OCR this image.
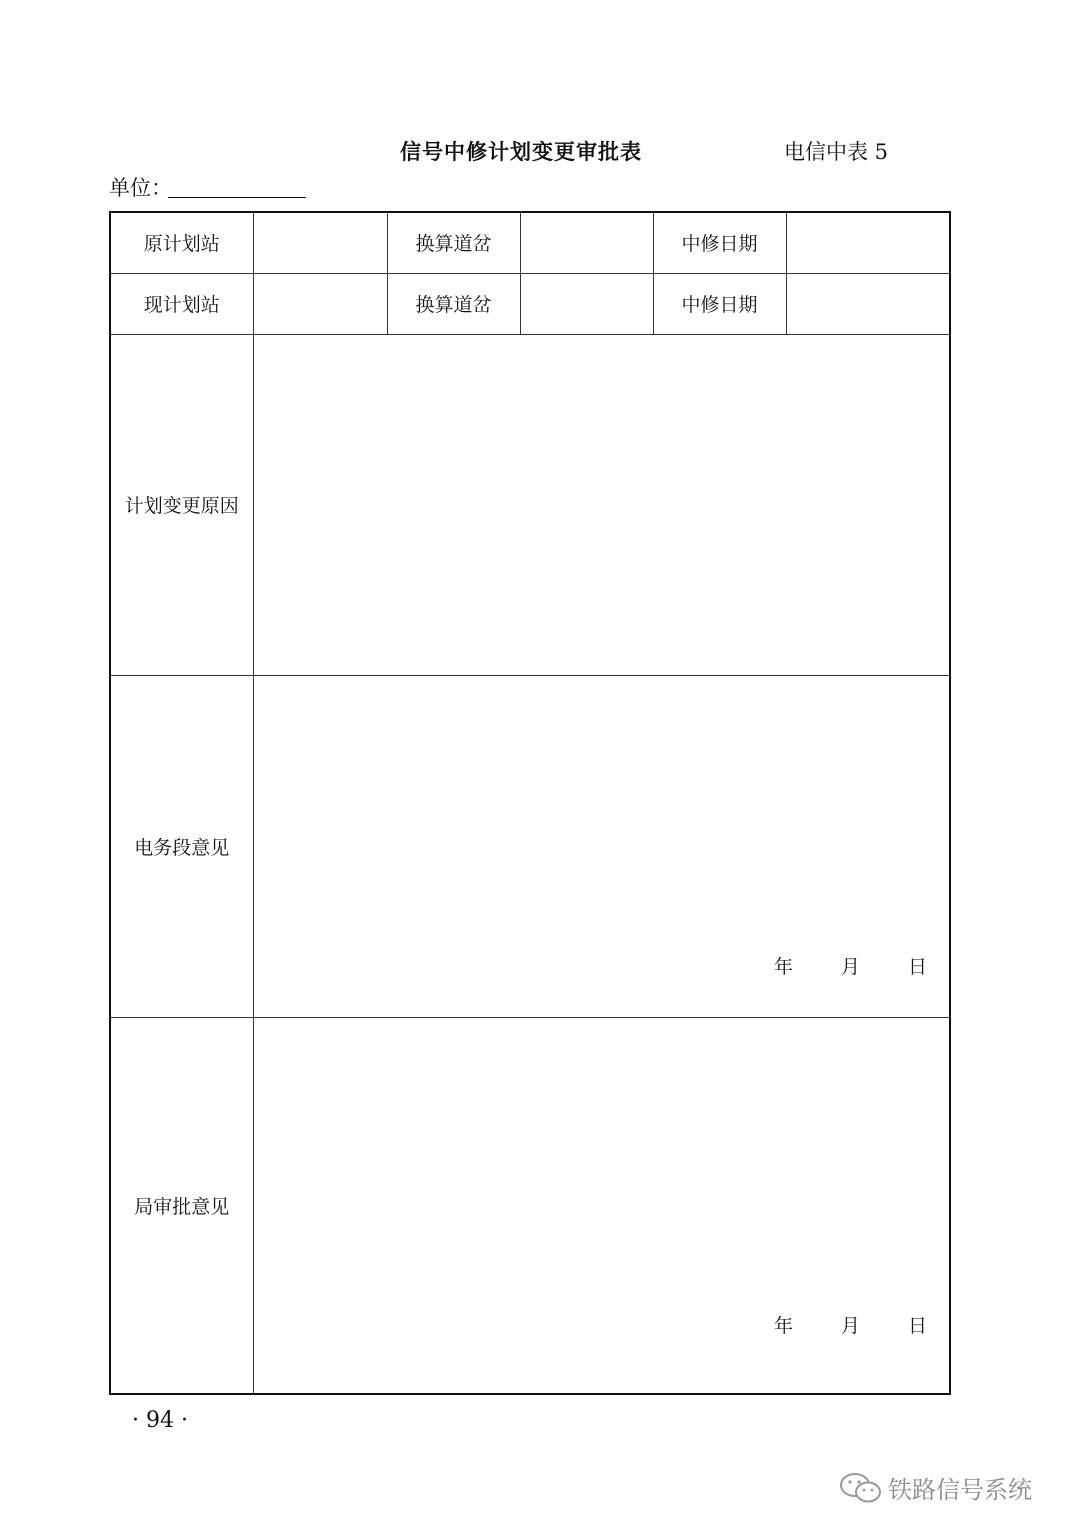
信号中修计划变更审批表	电信中表 5
单位：
原计划站		换算道岔		中修日期	
现计划站		换算道岔		中修日期	
计划变更原因					
电务段意见	年 月 日				

局审批意见	年 月 日				
· 94 ·
铁路信号系统
